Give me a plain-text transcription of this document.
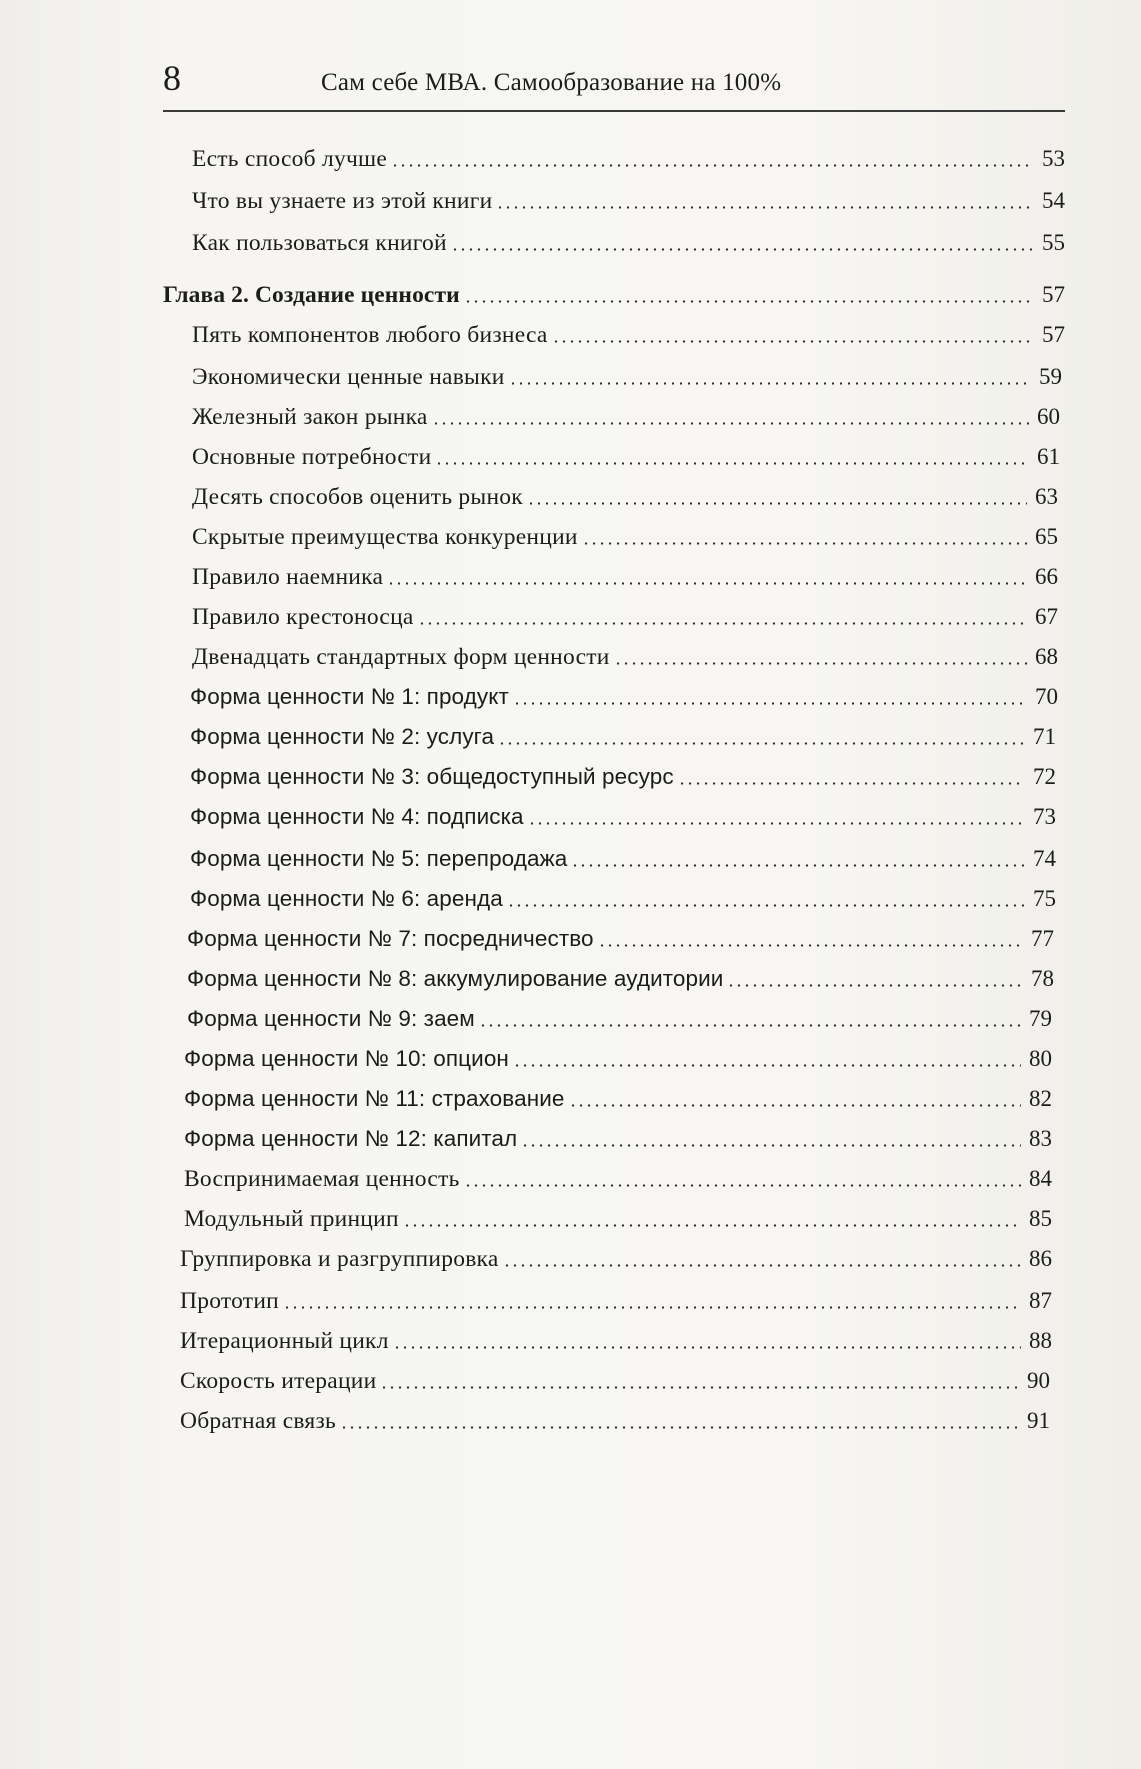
8	Сам себе МВА. Самообразование на 100%
Есть способ лучше	53
Что вы узнаете из этой книги	54
Как пользоваться книгой	55
Глава 2. Создание ценности	57
Пять компонентов любого бизнеса	57
Экономически ценные навыки	59
Железный закон рынка	60
Основные потребности	61
Десять способов оценить рынок	63
Скрытые преимущества конкуренции	65
Правило наемника	66
Правило крестоносца	67
Двенадцать стандартных форм ценности	68
Форма ценности № 1: продукт	70
Форма ценности № 2: услуга	71
Форма ценности № 3: общедоступный ресурс	72
Форма ценности № 4: подписка	73
Форма ценности № 5: перепродажа	74
Форма ценности № 6: аренда	75
Форма ценности № 7: посредничество	77
Форма ценности № 8: аккумулирование аудитории	78
Форма ценности № 9: заем	79
Форма ценности № 10: опцион	80
Форма ценности № 11: страхование	82
Форма ценности № 12: капитал	83
Воспринимаемая ценность	84
Модульный принцип	85
Группировка и разгруппировка	86
Прототип	87
Итерационный цикл	88
Скорость итерации	90
Обратная связь	91
